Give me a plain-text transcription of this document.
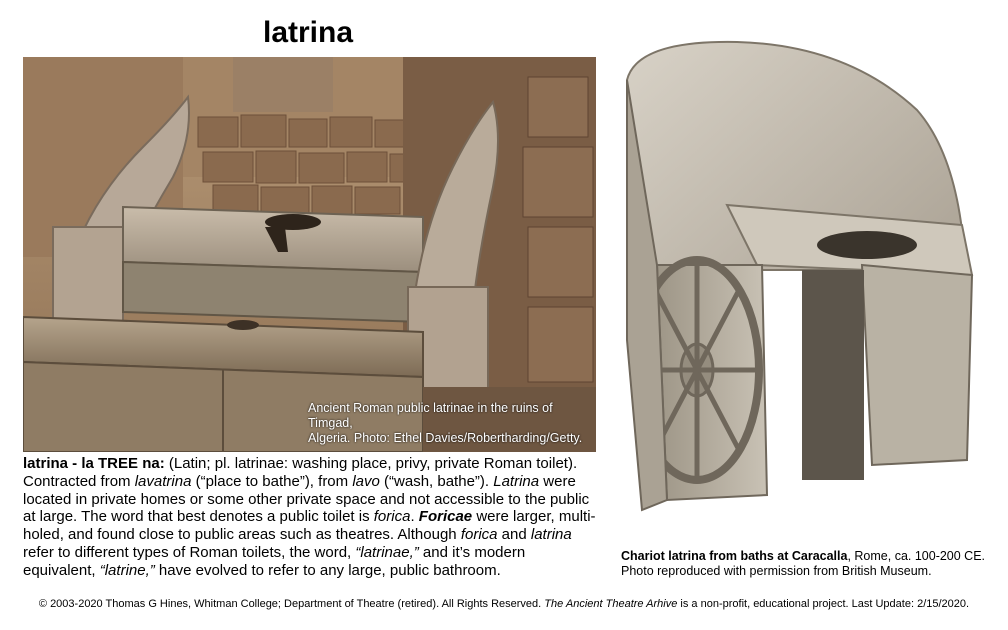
latrina
Ancient Roman public latrinae in the ruins of Timgad,
Algeria. Photo: Ethel Davies/Robertharding/Getty.
latrina - la TREE na: (Latin; pl. latrinae: washing place, privy, private Roman toilet). Contracted from lavatrina (“place to bathe”), from lavo (“wash, bathe”). Latrina were located in private homes or some other private space and not accessible to the public at large. The word that best denotes a public toilet is forica. Foricae were larger, multi-holed, and found close to public areas such as theatres. Although forica and latrina refer to different types of Roman toilets, the word, “latrinae,” and it’s modern equivalent, “latrine,” have evolved to refer to any large, public bathroom.
Chariot latrina from baths at Caracalla, Rome, ca. 100-200 CE.
Photo reproduced with permission from British Museum.
© 2003-2020 Thomas G Hines, Whitman College; Department of Theatre (retired). All Rights Reserved. The Ancient Theatre Arhive is a non-profit, educational project. Last Update: 2/15/2020.
